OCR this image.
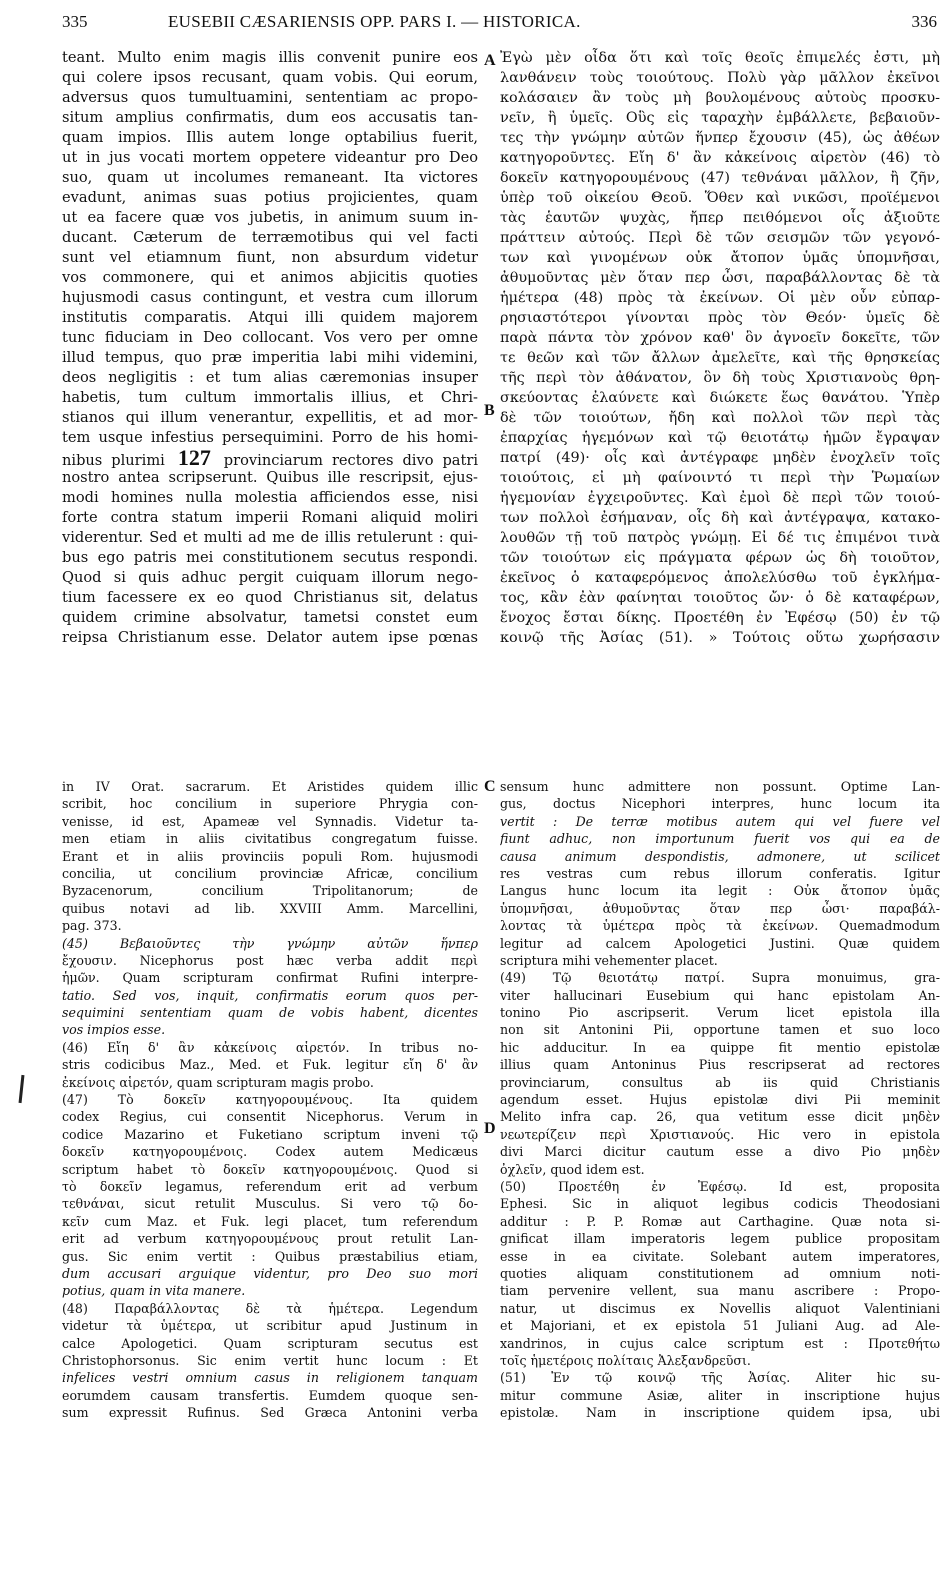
335	EUSEBII CÆSARIENSIS OPP. PARS I. — HISTORICA.	336
A
B
C
D
teant. Multo enim magis illis convenit punire eos
qui colere ipsos recusant, quam vobis. Qui eorum,
adversus quos tumultuamini, sententiam ac propo-
situm amplius confirmatis, dum eos accusatis tan-
quam impios. Illis autem longe optabilius fuerit,
ut in jus vocati mortem oppetere videantur pro Deo
suo, quam ut incolumes remaneant. Ita victores
evadunt, animas suas potius projicientes, quam
ut ea facere quæ vos jubetis, in animum suum in-
ducant. Cæterum de terræmotibus qui vel facti
sunt vel etiamnum fiunt, non absurdum videtur
vos commonere, qui et animos abjicitis quoties
hujusmodi casus contingunt, et vestra cum illorum
institutis comparatis. Atqui illi quidem majorem
tunc fiduciam in Deo collocant. Vos vero per omne
illud tempus, quo præ imperitia labi mihi videmini,
deos negligitis : et tum alias cæremonias insuper
habetis, tum cultum immortalis illius, et Chri-
stianos qui illum venerantur, expellitis, et ad mor-
tem usque infestius persequimini. Porro de his homi-
nibus plurimi 127 provinciarum rectores divo patri
nostro antea scripserunt. Quibus ille rescripsit, ejus-
modi homines nulla molestia afficiendos esse, nisi
forte contra statum imperii Romani aliquid moliri
viderentur. Sed et multi ad me de illis retulerunt : qui-
bus ego patris mei constitutionem secutus respondi.
Quod si quis adhuc pergit cuiquam illorum nego-
tium facessere ex eo quod Christianus sit, delatus
quidem crimine absolvatur, tametsi constet eum
reipsa Christianum esse. Delator autem ipse pœnas
Ἐγὼ μὲν οἶδα ὅτι καὶ τοῖς θεοῖς ἐπιμελές ἐστι, μὴ
λανθάνειν τοὺς τοιούτους. Πολὺ γὰρ μᾶλλον ἐκεῖνοι
κολάσαιεν ἂν τοὺς μὴ βουλομένους αὐτοὺς προσκυ-
νεῖν, ἢ ὑμεῖς. Οὓς εἰς ταραχὴν ἐμβάλλετε, βεβαιοῦν-
τες τὴν γνώμην αὐτῶν ἥνπερ ἔχουσιν (45), ὡς ἀθέων
κατηγοροῦντες. Εἴη δ' ἂν κἀκείνοις αἱρετὸν (46) τὸ
δοκεῖν κατηγορουμένους (47) τεθνάναι μᾶλλον, ἢ ζῆν,
ὑπὲρ τοῦ οἰκείου Θεοῦ. Ὅθεν καὶ νικῶσι, προϊέμενοι
τὰς ἑαυτῶν ψυχὰς, ἤπερ πειθόμενοι οἷς ἀξιοῦτε
πράττειν αὐτούς. Περὶ δὲ τῶν σεισμῶν τῶν γεγονό-
των καὶ γινομένων οὐκ ἄτοπον ὑμᾶς ὑπομνῆσαι,
ἀθυμοῦντας μὲν ὅταν περ ὦσι, παραβάλλοντας δὲ τὰ
ἡμέτερα (48) πρὸς τὰ ἐκείνων. Οἱ μὲν οὖν εὐπαρ-
ρησιαστότεροι γίνονται πρὸς τὸν Θεόν· ὑμεῖς δὲ
παρὰ πάντα τὸν χρόνον καθ' ὃν ἀγνοεῖν δοκεῖτε, τῶν
τε θεῶν καὶ τῶν ἄλλων ἀμελεῖτε, καὶ τῆς θρησκείας
τῆς περὶ τὸν ἀθάνατον, ὃν δὴ τοὺς Χριστιανοὺς θρη-
σκεύοντας ἐλαύνετε καὶ διώκετε ἕως θανάτου. Ὑπὲρ
δὲ τῶν τοιούτων, ἤδη καὶ πολλοὶ τῶν περὶ τὰς
ἐπαρχίας ἡγεμόνων καὶ τῷ θειοτάτῳ ἡμῶν ἔγραψαν
πατρί (49)· οἷς καὶ ἀντέγραφε μηδὲν ἐνοχλεῖν τοῖς
τοιούτοις, εἰ μὴ φαίνοιντό τι περὶ τὴν Ῥωμαίων
ἡγεμονίαν ἐγχειροῦντες. Καὶ ἐμοὶ δὲ περὶ τῶν τοιού-
των πολλοὶ ἐσήμαναν, οἷς δὴ καὶ ἀντέγραψα, κατακο-
λουθῶν τῇ τοῦ πατρὸς γνώμῃ. Εἰ δέ τις ἐπιμένοι τινὰ
τῶν τοιούτων εἰς πράγματα φέρων ὡς δὴ τοιοῦτον,
ἐκεῖνος ὁ καταφερόμενος ἀπολελύσθω τοῦ ἐγκλήμα-
τος, κἂν ἐὰν φαίνηται τοιοῦτος ὤν· ὁ δὲ καταφέρων,
ἔνοχος ἔσται δίκης. Προετέθη ἐν Ἐφέσῳ (50) ἐν τῷ
κοινῷ τῆς Ἀσίας (51). » Τούτοις οὕτω χωρήσασιν
in IV Orat. sacrarum. Et Aristides quidem illic
scribit, hoc concilium in superiore Phrygia con-
venisse, id est, Apameæ vel Synnadis. Videtur ta-
men etiam in aliis civitatibus congregatum fuisse.
Erant et in aliis provinciis populi Rom. hujusmodi
concilia, ut concilium provinciæ Africæ, concilium
Byzacenorum, concilium Tripolitanorum; de
quibus notavi ad lib. XXVIII Amm. Marcellini,
pag. 373.
(45) Βεβαιοῦντες τὴν γνώμην αὐτῶν ἥνπερ
ἔχουσιν. Nicephorus post hæc verba addit περὶ
ἡμῶν. Quam scripturam confirmat Rufini interpre-
tatio. Sed vos, inquit, confirmatis eorum quos per-
sequimini sententiam quam de vobis habent, dicentes
vos impios esse.
(46) Εἴη δ' ἂν κἀκείνοις αἱρετόν. In tribus no-
stris codicibus Maz., Med. et Fuk. legitur εἴη δ' ἂν
ἐκείνοις αἱρετόν, quam scripturam magis probo.
(47) Τὸ δοκεῖν κατηγορουμένους. Ita quidem
codex Regius, cui consentit Nicephorus. Verum in
codice Mazarino et Fuketiano scriptum inveni τῷ
δοκεῖν κατηγορουμένοις. Codex autem Medicæus
scriptum habet τὸ δοκεῖν κατηγορουμένοις. Quod si
τὸ δοκεῖν legamus, referendum erit ad verbum
τεθνάναι, sicut retulit Musculus. Si vero τῷ δο-
κεῖν cum Maz. et Fuk. legi placet, tum referendum
erit ad verbum κατηγορουμένους prout retulit Lan-
gus. Sic enim vertit : Quibus præstabilius etiam,
dum accusari arguique videntur, pro Deo suo mori
potius, quam in vita manere.
(48) Παραβάλλοντας δὲ τὰ ἡμέτερα. Legendum
videtur τὰ ὑμέτερα, ut scribitur apud Justinum in
calce Apologetici. Quam scripturam secutus est
Christophorsonus. Sic enim vertit hunc locum : Et
infelices vestri omnium casus in religionem tanquam
eorumdem causam transfertis. Eumdem quoque sen-
sum expressit Rufinus. Sed Græca Antonini verba
sensum hunc admittere non possunt. Optime Lan-
gus, doctus Nicephori interpres, hunc locum ita
vertit : De terræ motibus autem qui vel fuere vel
fiunt adhuc, non importunum fuerit vos qui ea de
causa animum despondistis, admonere, ut scilicet
res vestras cum rebus illorum conferatis. Igitur
Langus hunc locum ita legit : Οὐκ ἄτοπον ὑμᾶς
ὑπομνῆσαι, ἀθυμοῦντας ὅταν περ ὦσι· παραβάλ-
λοντας τὰ ὑμέτερα πρὸς τὰ ἐκείνων. Quemadmodum
legitur ad calcem Apologetici Justini. Quæ quidem
scriptura mihi vehementer placet.
(49) Τῷ θειοτάτῳ πατρί. Supra monuimus, gra-
viter hallucinari Eusebium qui hanc epistolam An-
tonino Pio ascripserit. Verum licet epistola illa
non sit Antonini Pii, opportune tamen et suo loco
hic adducitur. In ea quippe fit mentio epistolæ
illius quam Antoninus Pius rescripserat ad rectores
provinciarum, consultus ab iis quid Christianis
agendum esset. Hujus epistolæ divi Pii meminit
Melito infra cap. 26, qua vetitum esse dicit μηδὲν
νεωτερίζειν περὶ Χριστιανούς. Hic vero in epistola
divi Marci dicitur cautum esse a divo Pio μηδὲν
ὀχλεῖν, quod idem est.
(50) Προετέθη ἐν Ἐφέσῳ. Id est, proposita
Ephesi. Sic in aliquot legibus codicis Theodosiani
additur : P. P. Romæ aut Carthagine. Quæ nota si-
gnificat illam imperatoris legem publice propositam
esse in ea civitate. Solebant autem imperatores,
quoties aliquam constitutionem ad omnium noti-
tiam pervenire vellent, sua manu ascribere : Propo-
natur, ut discimus ex Novellis aliquot Valentiniani
et Majoriani, et ex epistola 51 Juliani Aug. ad Ale-
xandrinos, in cujus calce scriptum est : Προτεθήτω
τοῖς ἡμετέροις πολίταις Ἀλεξανδρεῦσι.
(51) Ἐν τῷ κοινῷ τῆς Ἀσίας. Aliter hic su-
mitur commune Asiæ, aliter in inscriptione hujus
epistolæ. Nam in inscriptione quidem ipsa, ubi
